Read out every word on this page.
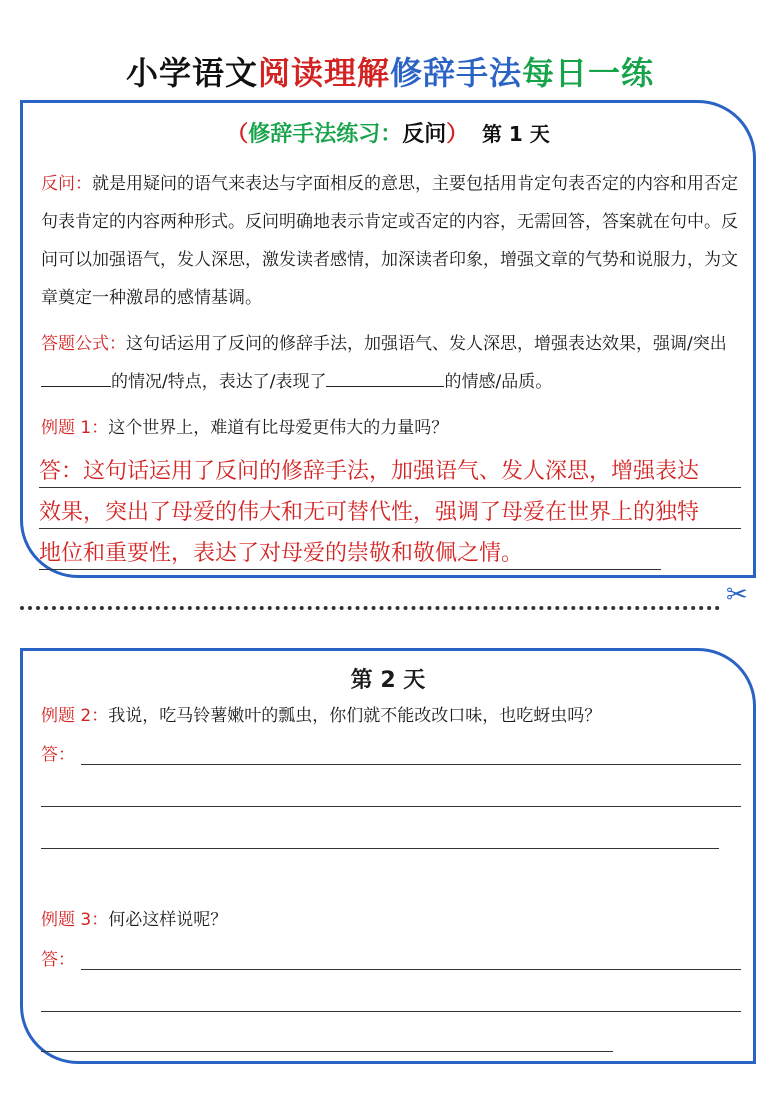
小学语文阅读理解修辞手法每日一练
（修辞手法练习：反问） 第 1 天
反问：就是用疑问的语气来表达与字面相反的意思，主要包括用肯定句表否定的内容和用否定句表肯定的内容两种形式。反问明确地表示肯定或否定的内容，无需回答，答案就在句中。反问可以加强语气，发人深思，激发读者感情，加深读者印象，增强文章的气势和说服力，为文章奠定一种激昂的感情基调。
答题公式：这句话运用了反问的修辞手法，加强语气、发人深思，增强表达效果，强调/突出的情况/特点，表达了/表现了	的情感/品质。
例题 1：这个世界上，难道有比母爱更伟大的力量吗？
答：这句话运用了反问的修辞手法，加强语气、发人深思，增强表达
效果，突出了母爱的伟大和无可替代性，强调了母爱在世界上的独特
地位和重要性，表达了对母爱的崇敬和敬佩之情。
✂
第 2 天
例题 2：我说，吃马铃薯嫩叶的瓢虫，你们就不能改改口味，也吃蚜虫吗？
答：
例题 3：何必这样说呢？
答：
